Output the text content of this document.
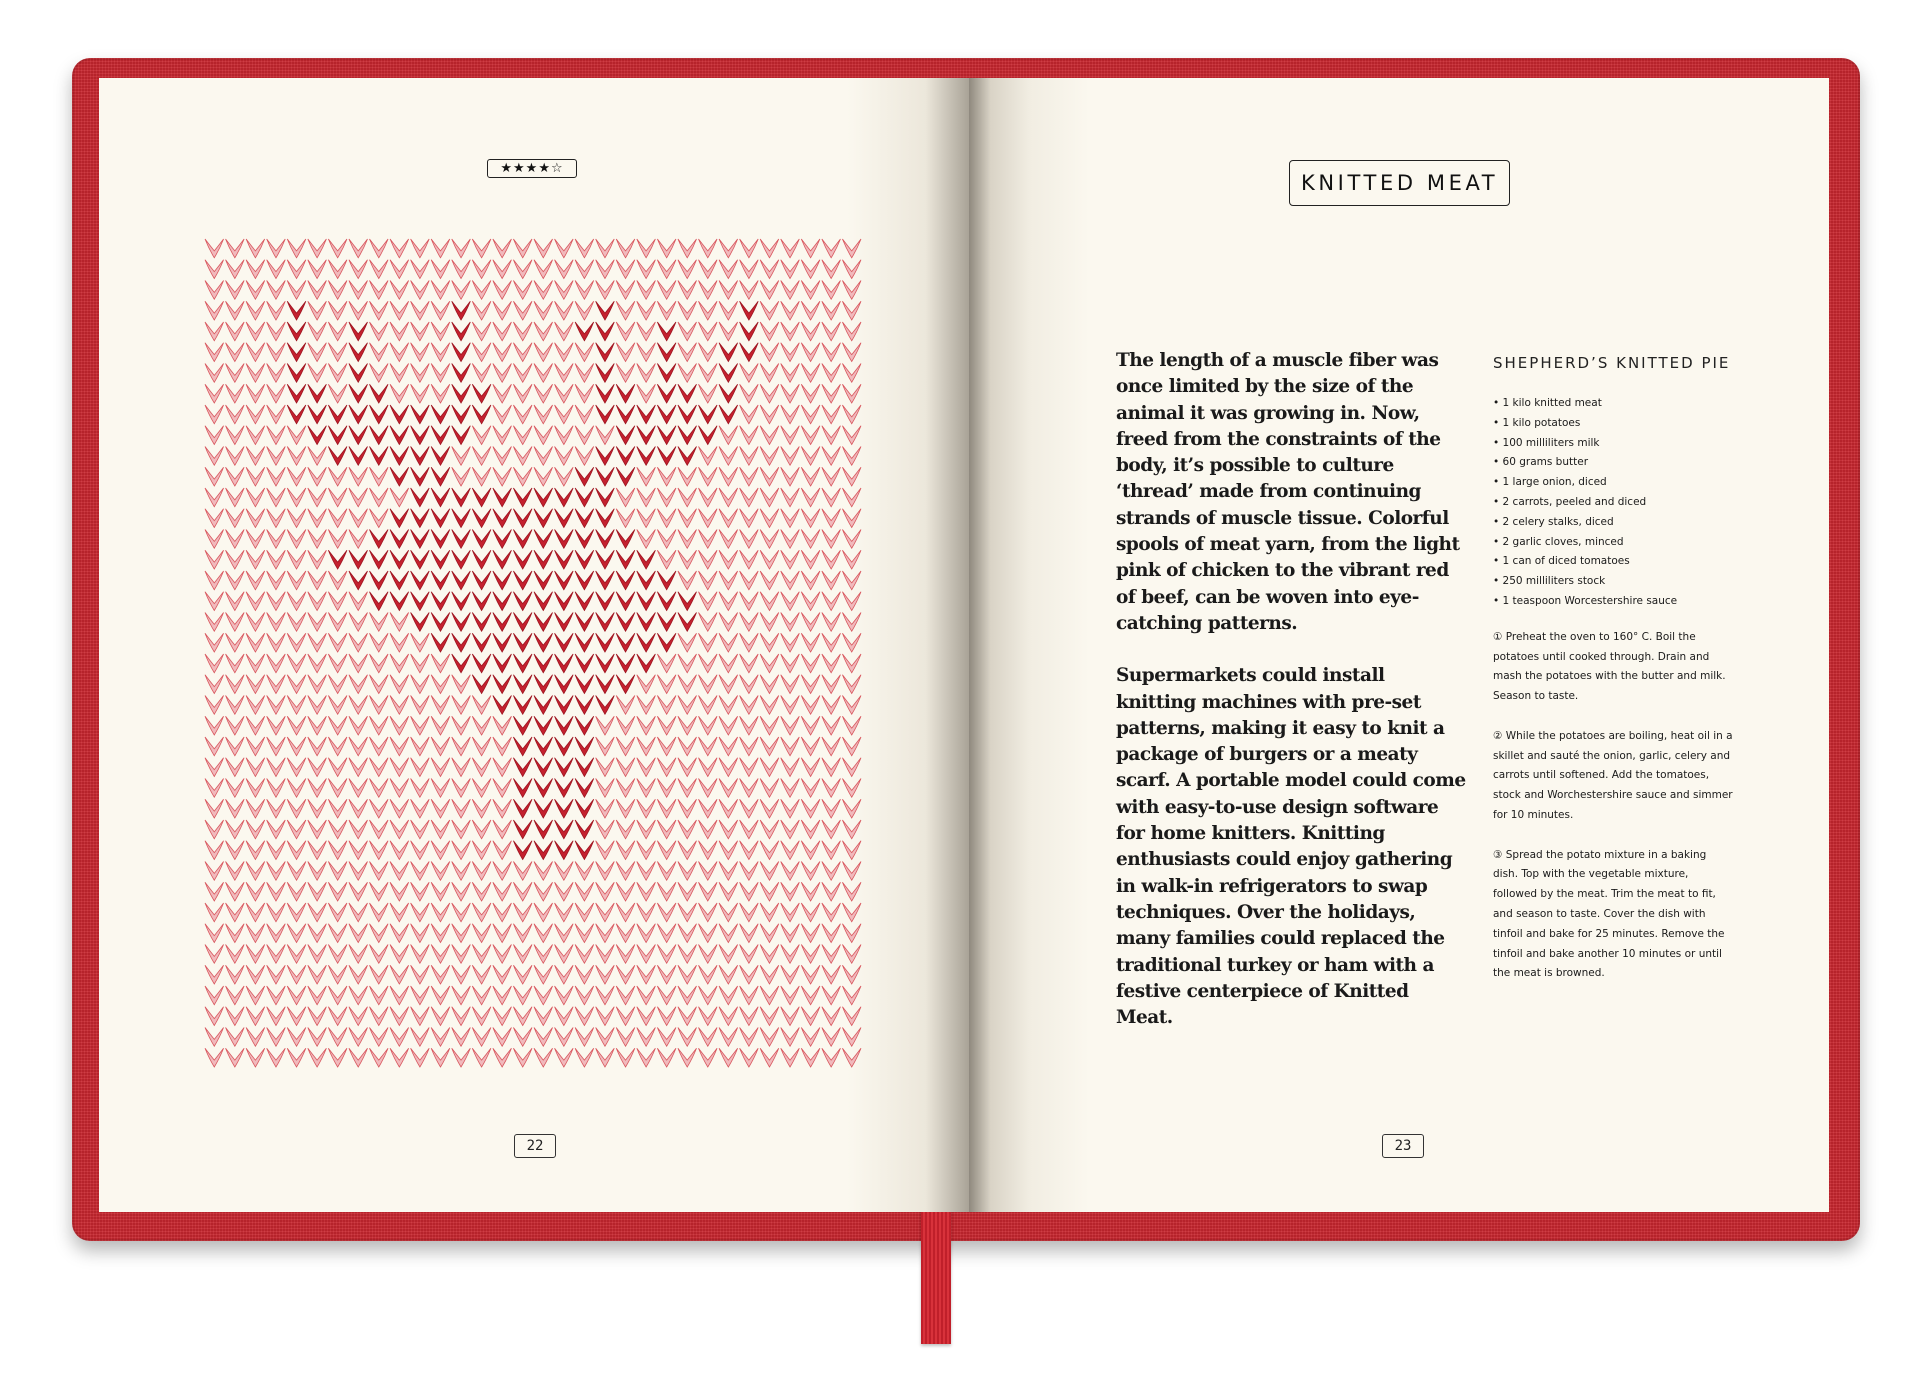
★★★★☆
22
KNITTED MEAT

The length of a muscle fiber was once limited by the size of the animal it was growing in. Now, freed from the constraints of the body, it’s possible to culture ‘thread’ made from continuing strands of muscle tissue. Colorful spools of meat yarn, from the light pink of chicken to the vibrant red of beef, can be woven into eye-catching patterns.

Supermarkets could install knitting machines with pre-set patterns, making it easy to knit a package of burgers or a meaty scarf. A portable model could come with easy-to-use design software for home knitters. Knitting enthusiasts could enjoy gathering in walk-in refrigerators to swap techniques. Over the holidays, many families could replaced the traditional turkey or ham with a festive centerpiece of Knitted Meat.

SHEPHERD’S KNITTED PIE
• 1 kilo knitted meat
• 1 kilo potatoes
• 100 milliliters milk
• 60 grams butter
• 1 large onion, diced
• 2 carrots, peeled and diced
• 2 celery stalks, diced
• 2 garlic cloves, minced
• 1 can of diced tomatoes
• 250 milliliters stock
• 1 teaspoon Worcestershire sauce

① Preheat the oven to 160° C. Boil the potatoes until cooked through. Drain and mash the potatoes with the butter and milk. Season to taste.

② While the potatoes are boiling, heat oil in a skillet and sauté the onion, garlic, celery and carrots until softened. Add the tomatoes, stock and Worchestershire sauce and simmer for 10 minutes.

③ Spread the potato mixture in a baking dish. Top with the vegetable mixture, followed by the meat. Trim the meat to fit, and season to taste. Cover the dish with tinfoil and bake for 25 minutes. Remove the tinfoil and bake another 10 minutes or until the meat is browned.

23
